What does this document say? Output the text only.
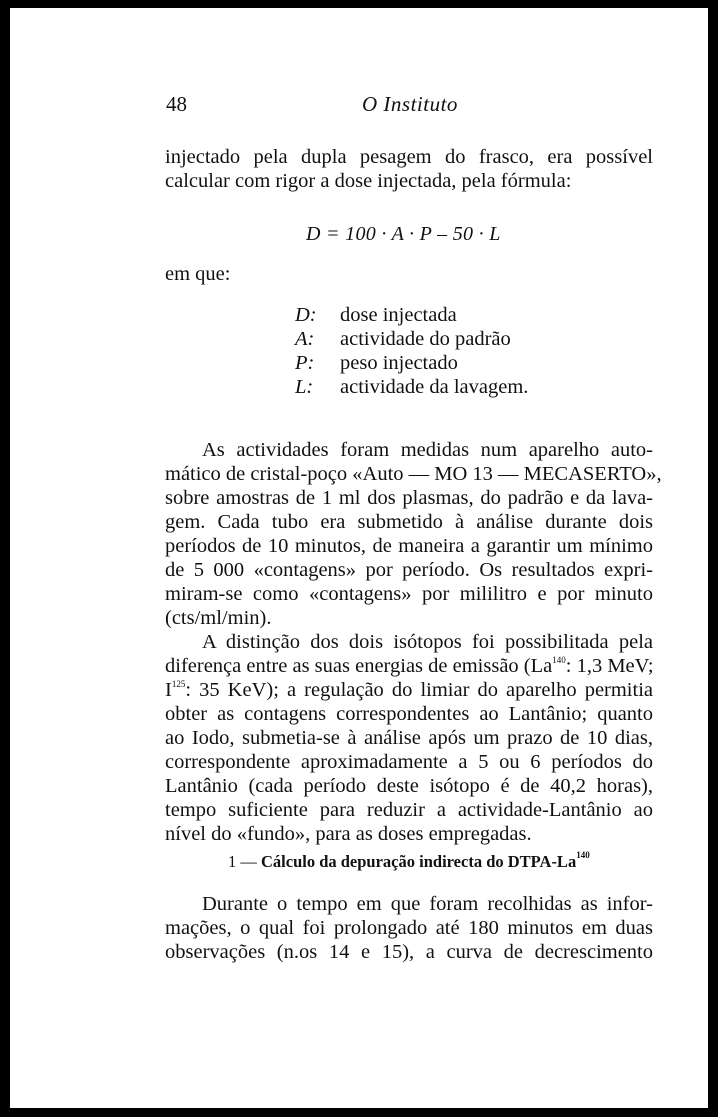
48	O Instituto
injectado pela dupla pesagem do frasco, era possível
calcular com rigor a dose injectada, pela fórmula:
D = 100 · A · P – 50 · L
em que:
D:	dose injectada
A:	actividade do padrão
P:	peso injectado
L:	actividade da lavagem.
As actividades foram medidas num aparelho auto-
mático de cristal-poço «Auto — MO 13 — MECASERTO»,
sobre amostras de 1 ml dos plasmas, do padrão e da lava-
gem. Cada tubo era submetido à análise durante dois
períodos de 10 minutos, de maneira a garantir um mínimo
de 5 000 «contagens» por período. Os resultados expri-
miram-se como «contagens» por mililitro e por minuto
(cts/ml/min).
A distinção dos dois isótopos foi possibilitada pela
diferença entre as suas energias de emissão (La$^{140}$: 1,3 MeV;
$I^{125}$: 35 KeV); a regulação do limiar do aparelho permitia
obter as contagens correspondentes ao Lantânio; quanto
ao Iodo, submetia-se à análise após um prazo de 10 dias,
correspondente aproximadamente a 5 ou 6 períodos do
Lantânio (cada período deste isótopo é de 40,2 horas),
tempo suficiente para reduzir a actividade-Lantânio ao
nível do «fundo», para as doses empregadas.
1 — Cálculo da depuração indirecta do DTPA-La$^{140}$
Durante o tempo em que foram recolhidas as infor-
mações, o qual foi prolongado até 180 minutos em duas
observações (n.os 14 e 15), a curva de decrescimento
